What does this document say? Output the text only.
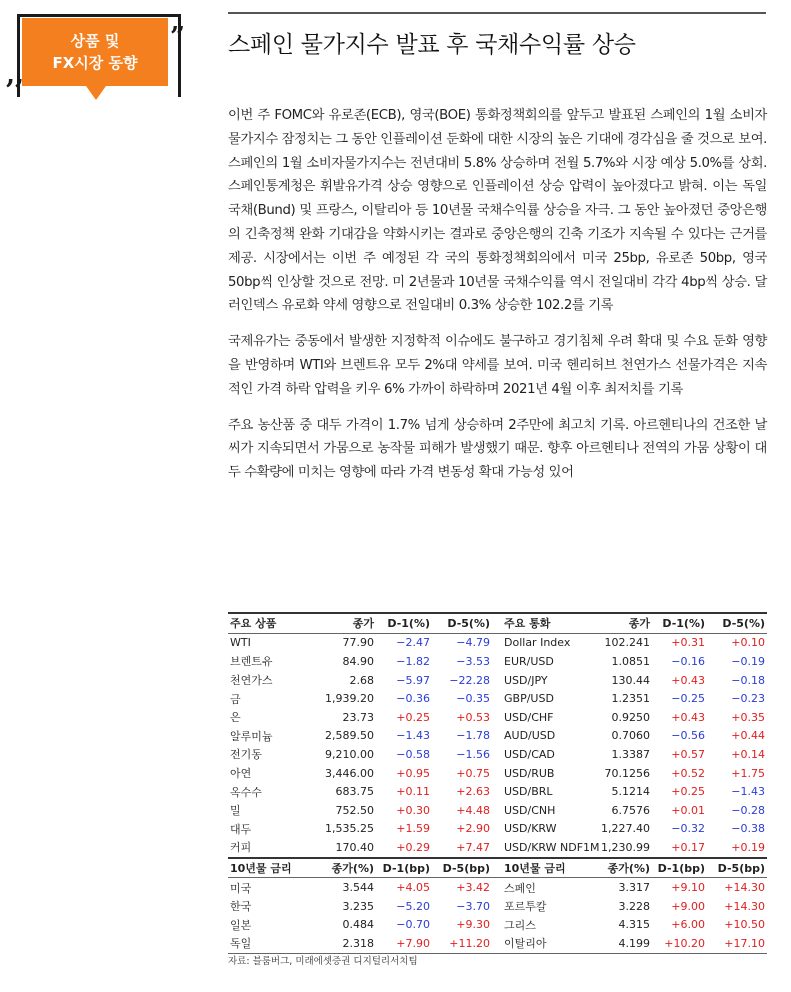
상품 및
FX시장 동향
”
,,
스페인 물가지수 발표 후 국채수익률 상승

이번 주 FOMC와 유로존(ECB), 영국(BOE) 통화정책회의를 앞두고 발표된 스페인의 1월 소비자물가지수 잠정치는 그 동안 인플레이션 둔화에 대한 시장의 높은 기대에 경각심을 줄 것으로 보여. 스페인의 1월 소비자물가지수는 전년대비 5.8% 상승하며 전월 5.7%와 시장 예상 5.0%를 상회. 스페인통계청은 휘발유가격 상승 영향으로 인플레이션 상승 압력이 높아졌다고 밝혀. 이는 독일 국채(Bund) 및 프랑스, 이탈리아 등 10년물 국채수익률 상승을 자극. 그 동안 높아졌던 중앙은행의 긴축정책 완화 기대감을 약화시키는 결과로 중앙은행의 긴축 기조가 지속될 수 있다는 근거를 제공. 시장에서는 이번 주 예정된 각 국의 통화정책회의에서 미국 25bp, 유로존 50bp, 영국 50bp씩 인상할 것으로 전망. 미 2년물과 10년물 국채수익률 역시 전일대비 각각 4bp씩 상승. 달러인덱스 유로화 약세 영향으로 전일대비 0.3% 상승한 102.2를 기록

국제유가는 중동에서 발생한 지정학적 이슈에도 불구하고 경기침체 우려 확대 및 수요 둔화 영향을 반영하며 WTI와 브렌트유 모두 2%대 약세를 보여. 미국 헨리허브 천연가스 선물가격은 지속적인 가격 하락 압력을 키우 6% 가까이 하락하며 2021년 4월 이후 최저치를 기록

주요 농산품 중 대두 가격이 1.7% 넘게 상승하며 2주만에 최고치 기록. 아르헨티나의 건조한 날씨가 지속되면서 가뭄으로 농작물 피해가 발생했기 때문. 향후 아르헨티나 전역의 가뭄 상황이 대두 수확량에 미치는 영향에 따라 가격 변동성 확대 가능성 있어

주요 상품	종가	D-1(%)	D-5(%)	주요 통화	종가	D-1(%)	D-5(%)
WTI	77.90	−2.47	−4.79	Dollar Index	102.241	+0.31	+0.10
브렌트유	84.90	−1.82	−3.53	EUR/USD	1.0851	−0.16	−0.19
천연가스	2.68	−5.97	−22.28	USD/JPY	130.44	+0.43	−0.18
금	1,939.20	−0.36	−0.35	GBP/USD	1.2351	−0.25	−0.23
은	23.73	+0.25	+0.53	USD/CHF	0.9250	+0.43	+0.35
알루미늄	2,589.50	−1.43	−1.78	AUD/USD	0.7060	−0.56	+0.44
전기동	9,210.00	−0.58	−1.56	USD/CAD	1.3387	+0.57	+0.14
아연	3,446.00	+0.95	+0.75	USD/RUB	70.1256	+0.52	+1.75
옥수수	683.75	+0.11	+2.63	USD/BRL	5.1214	+0.25	−1.43
밀	752.50	+0.30	+4.48	USD/CNH	6.7576	+0.01	−0.28
대두	1,535.25	+1.59	+2.90	USD/KRW	1,227.40	−0.32	−0.38
커피	170.40	+0.29	+7.47	USD/KRW NDF1M	1,230.99	+0.17	+0.19
10년물 금리	종가(%)	D-1(bp)	D-5(bp)	10년물 금리	종가(%)	D-1(bp)	D-5(bp)
미국	3.544	+4.05	+3.42	스페인	3.317	+9.10	+14.30
한국	3.235	−5.20	−3.70	포르투칼	3.228	+9.00	+14.30
일본	0.484	−0.70	+9.30	그리스	4.315	+6.00	+10.50
독일	2.318	+7.90	+11.20	이탈리아	4.199	+10.20	+17.10
자료: 블룸버그, 미래에셋증권 디지털리서치팀
